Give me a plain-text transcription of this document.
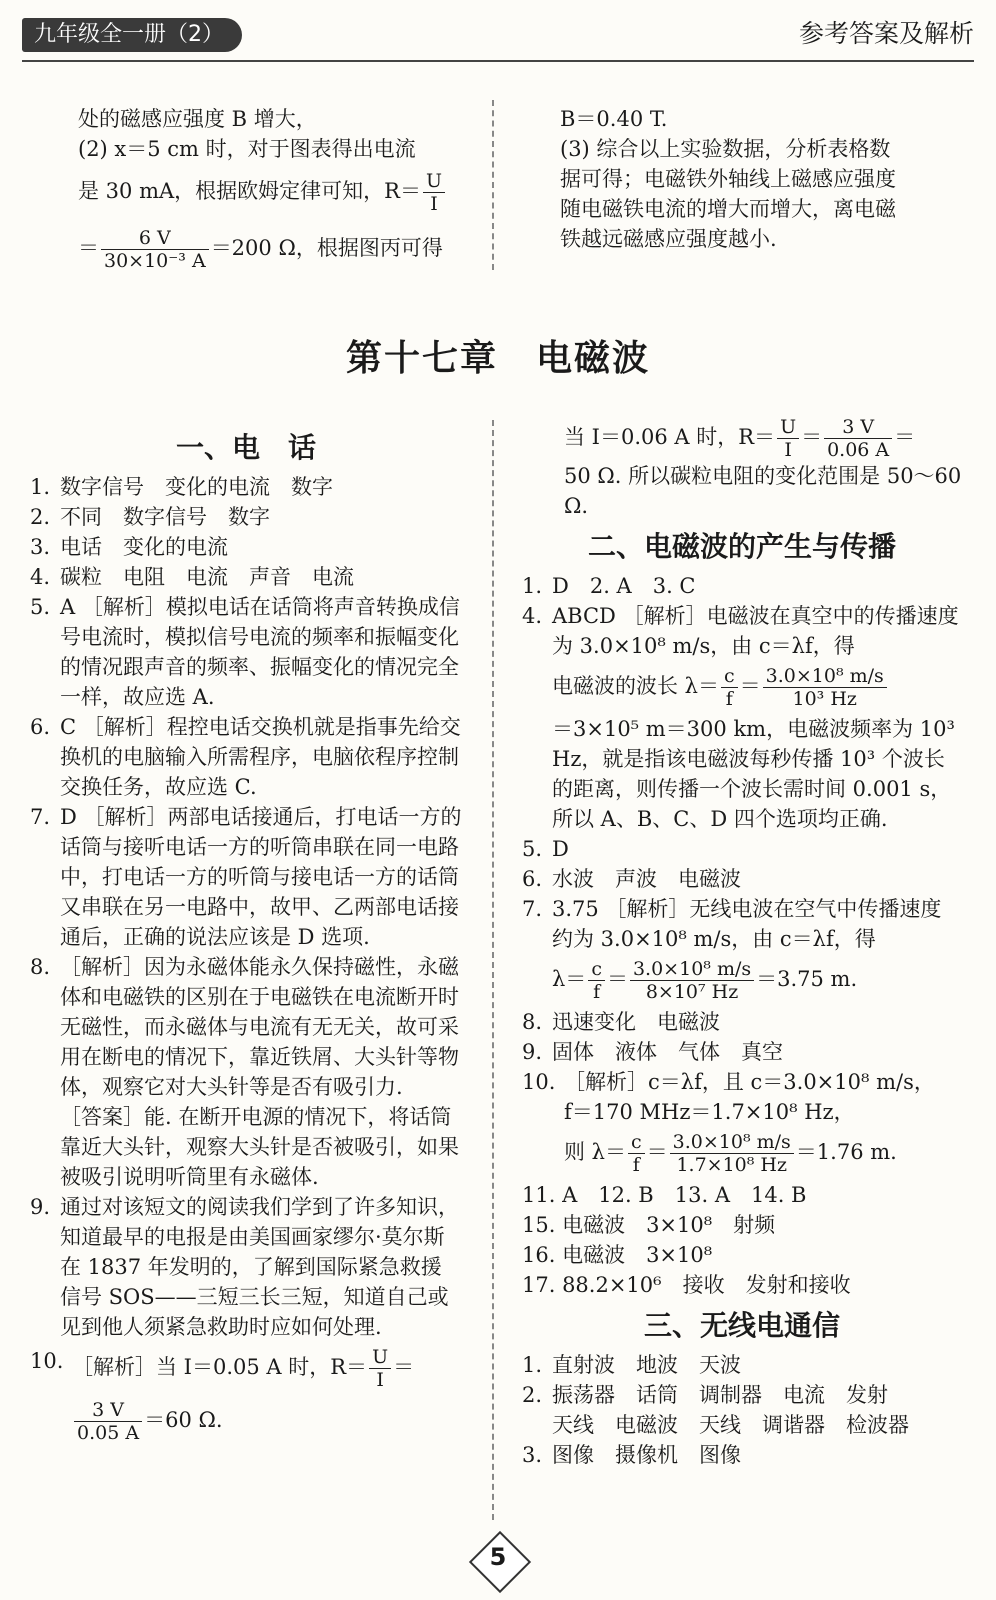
九年级全一册（2）	参考答案及解析

处的磁感应强度 B 增大，

(2) x＝5 cm 时，对于图表得出电流

是 30 mA，根据欧姆定律可知，$R= \frac{U}{I}$

＝ $\frac{6 V}{\text{30×10⁻³ A}} =200$ Ω，根据图丙可得

B＝0.40 T.

(3) 综合以上实验数据，分析表格数

据可得；电磁铁外轴线上磁感应强度

随电磁铁电流的增大而增大，离电磁

铁越远磁感应强度越小.

第十七章　电磁波
一、电　话
1. 数字信号　变化的电流　数字
2. 不同　数字信号　数字
3. 电话　变化的电流
4. 碳粒　电阻　电流　声音　电流
5. A ［解析］模拟电话在话筒将声音转换成信号电流时，模拟信号电流的频率和振幅变化的情况跟声音的频率、振幅变化的情况完全一样，故应选 A.
6. C ［解析］程控电话交换机就是指事先给交换机的电脑输入所需程序，电脑依程序控制交换任务，故应选 C.
7. D ［解析］两部电话接通后，打电话一方的话筒与接听电话一方的听筒串联在同一电路中，打电话一方的听筒与接电话一方的话筒又串联在另一电路中，故甲、乙两部电话接通后，正确的说法应该是 D 选项.
8. ［解析］因为永磁体能永久保持磁性，永磁体和电磁铁的区别在于电磁铁在电流断开时无磁性，而永磁体与电流有无无关，故可采用在断电的情况下，靠近铁屑、大头针等物体，观察它对大头针等是否有吸引力.
［答案］能. 在断开电源的情况下，将话筒靠近大头针，观察大头针是否被吸引，如果被吸引说明听筒里有永磁体.
9. 通过对该短文的阅读我们学到了许多知识，知道最早的电报是由美国画家缪尔·莫尔斯在 1837 年发明的，了解到国际紧急救援信号 SOS——三短三长三短，知道自己或见到他人须紧急救助时应如何处理.
10. ［解析］当 I＝0.05 A 时，$R= \frac{U}{I}$ ＝
$\frac{3 V}{0.05 A} =60$ Ω.
当 I＝0.06 A 时，$R= \frac{U}{I} = \frac{3 V}{0.06 A}$ ＝
50 Ω. 所以碳粒电阻的变化范围是 50～60 Ω.
二、电磁波的产生与传播
1. D　2. A　3. C
4. ABCD ［解析］电磁波在真空中的传播速度为 3.0×10⁸ m/s，由 c＝λf，得
电磁波的波长 $\lambda= \frac{c}{f} = \frac{\text{3.0×10⁸ m/s}}{\text{10³ Hz}}$
＝3×10⁵ m＝300 km，电磁波频率为 10³ Hz，就是指该电磁波每秒传播 10³ 个波长的距离，则传播一个波长需时间 0.001 s，所以 A、B、C、D 四个选项均正确.
5. D
6. 水波　声波　电磁波
7. 3.75 ［解析］无线电波在空气中传播速度约为 3.0×10⁸ m/s，由 c＝λf，得
$\lambda= \frac{c}{f} = \frac{\text{3.0×10⁸ m/s}}{\text{8×10⁷ Hz}} =3.75$ m.
8. 迅速变化　电磁波
9. 固体　液体　气体　真空
10. ［解析］c＝λf，且 c＝3.0×10⁸ m/s，
f＝170 MHz＝1.7×10⁸ Hz，
则 $\lambda= \frac{c}{f} = \frac{\text{3.0×10⁸ m/s}}{\text{1.7×10⁸ Hz}} =1.76$ m.
11. A　12. B　13. A　14. B
15. 电磁波　3×10⁸　射频
16. 电磁波　3×10⁸
17. 88.2×10⁶　接收　发射和接收
三、无线电通信
1. 直射波　地波　天波
2. 振荡器　话筒　调制器　电流　发射
天线　电磁波　天线　调谐器　检波器
3. 图像　摄像机　图像
5
